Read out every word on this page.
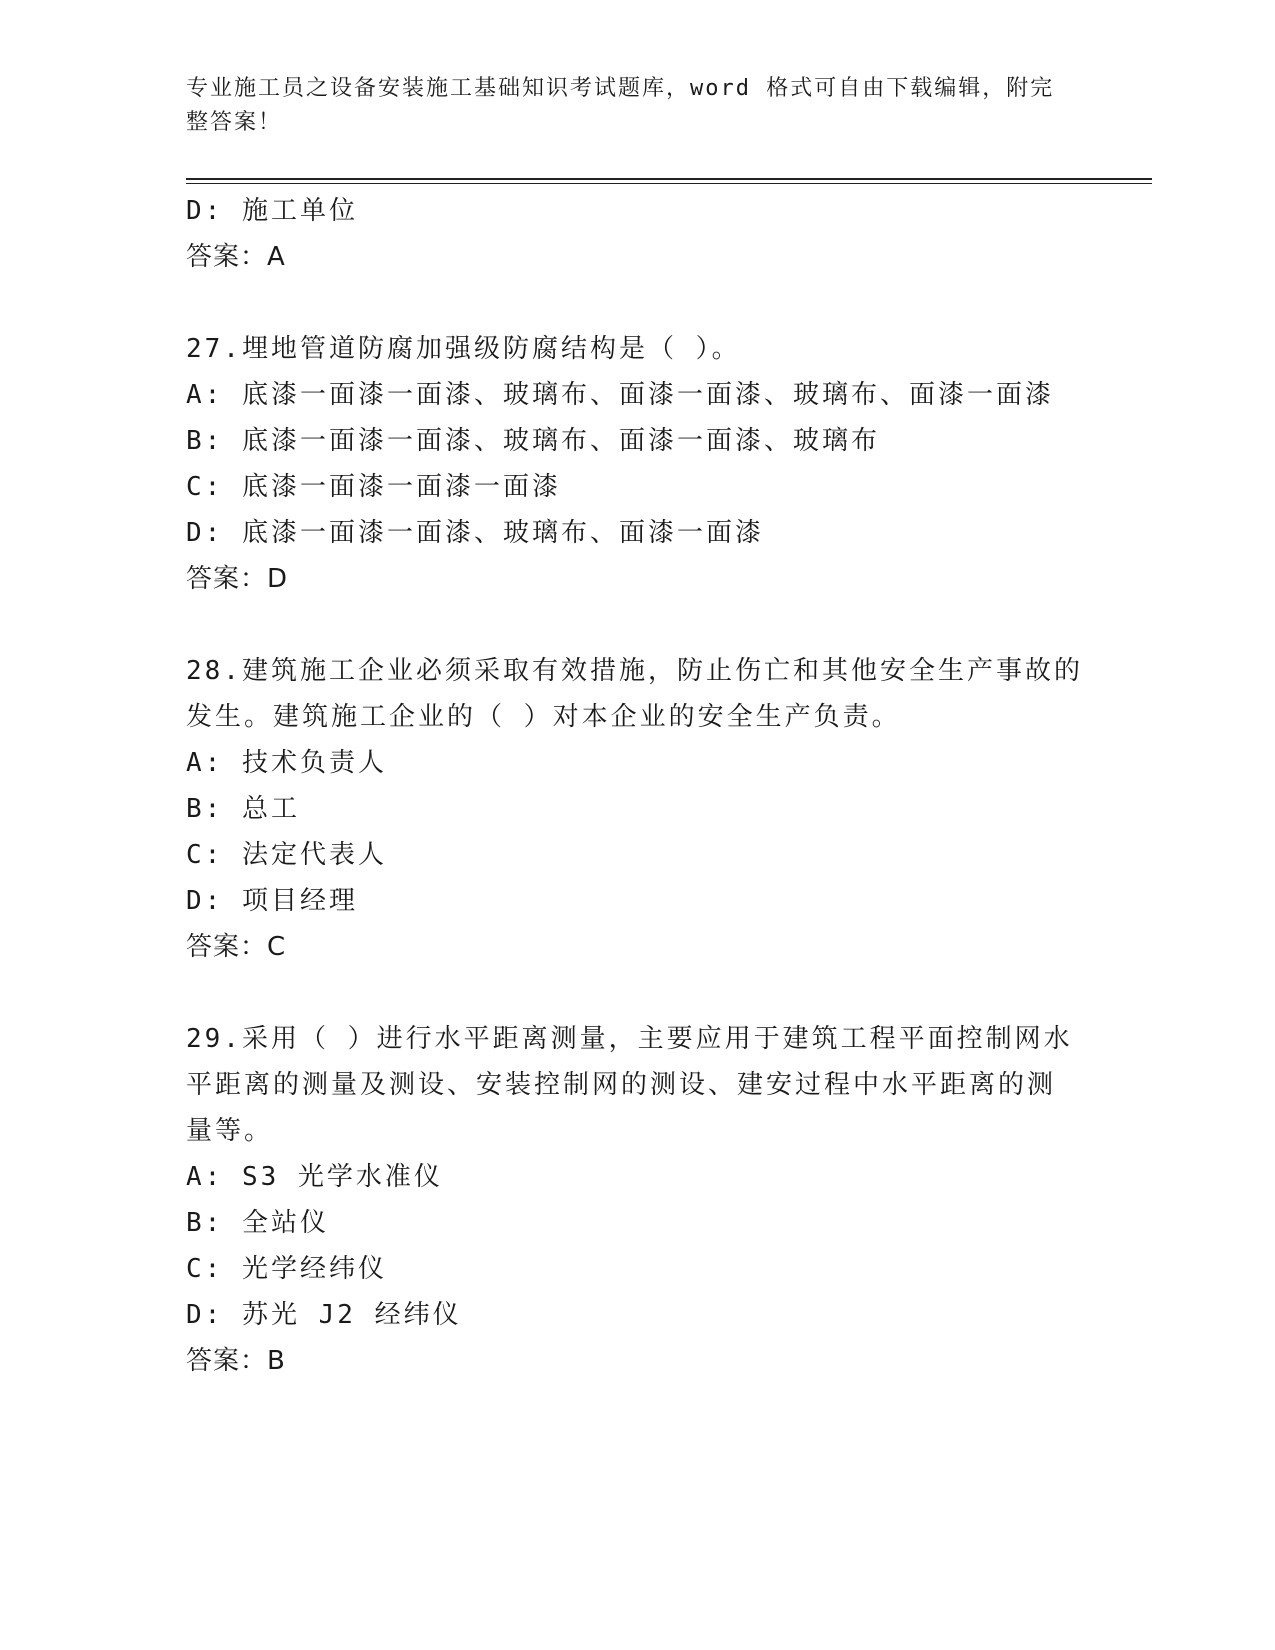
专业施工员之设备安装施工基础知识考试题库，word 格式可自由下载编辑，附完
整答案！
D: 施工单位
答案：A
27.埋地管道防腐加强级防腐结构是（ ）。
A: 底漆一面漆一面漆、玻璃布、面漆一面漆、玻璃布、面漆一面漆
B: 底漆一面漆一面漆、玻璃布、面漆一面漆、玻璃布
C: 底漆一面漆一面漆一面漆
D: 底漆一面漆一面漆、玻璃布、面漆一面漆
答案：D
28.建筑施工企业必须采取有效措施，防止伤亡和其他安全生产事故的
发生。建筑施工企业的（ ）对本企业的安全生产负责。
A: 技术负责人
B: 总工
C: 法定代表人
D: 项目经理
答案：C
29.采用（ ）进行水平距离测量，主要应用于建筑工程平面控制网水
平距离的测量及测设、安装控制网的测设、建安过程中水平距离的测
量等。
A: S3 光学水准仪
B: 全站仪
C: 光学经纬仪
D: 苏光 J2 经纬仪
答案：B
